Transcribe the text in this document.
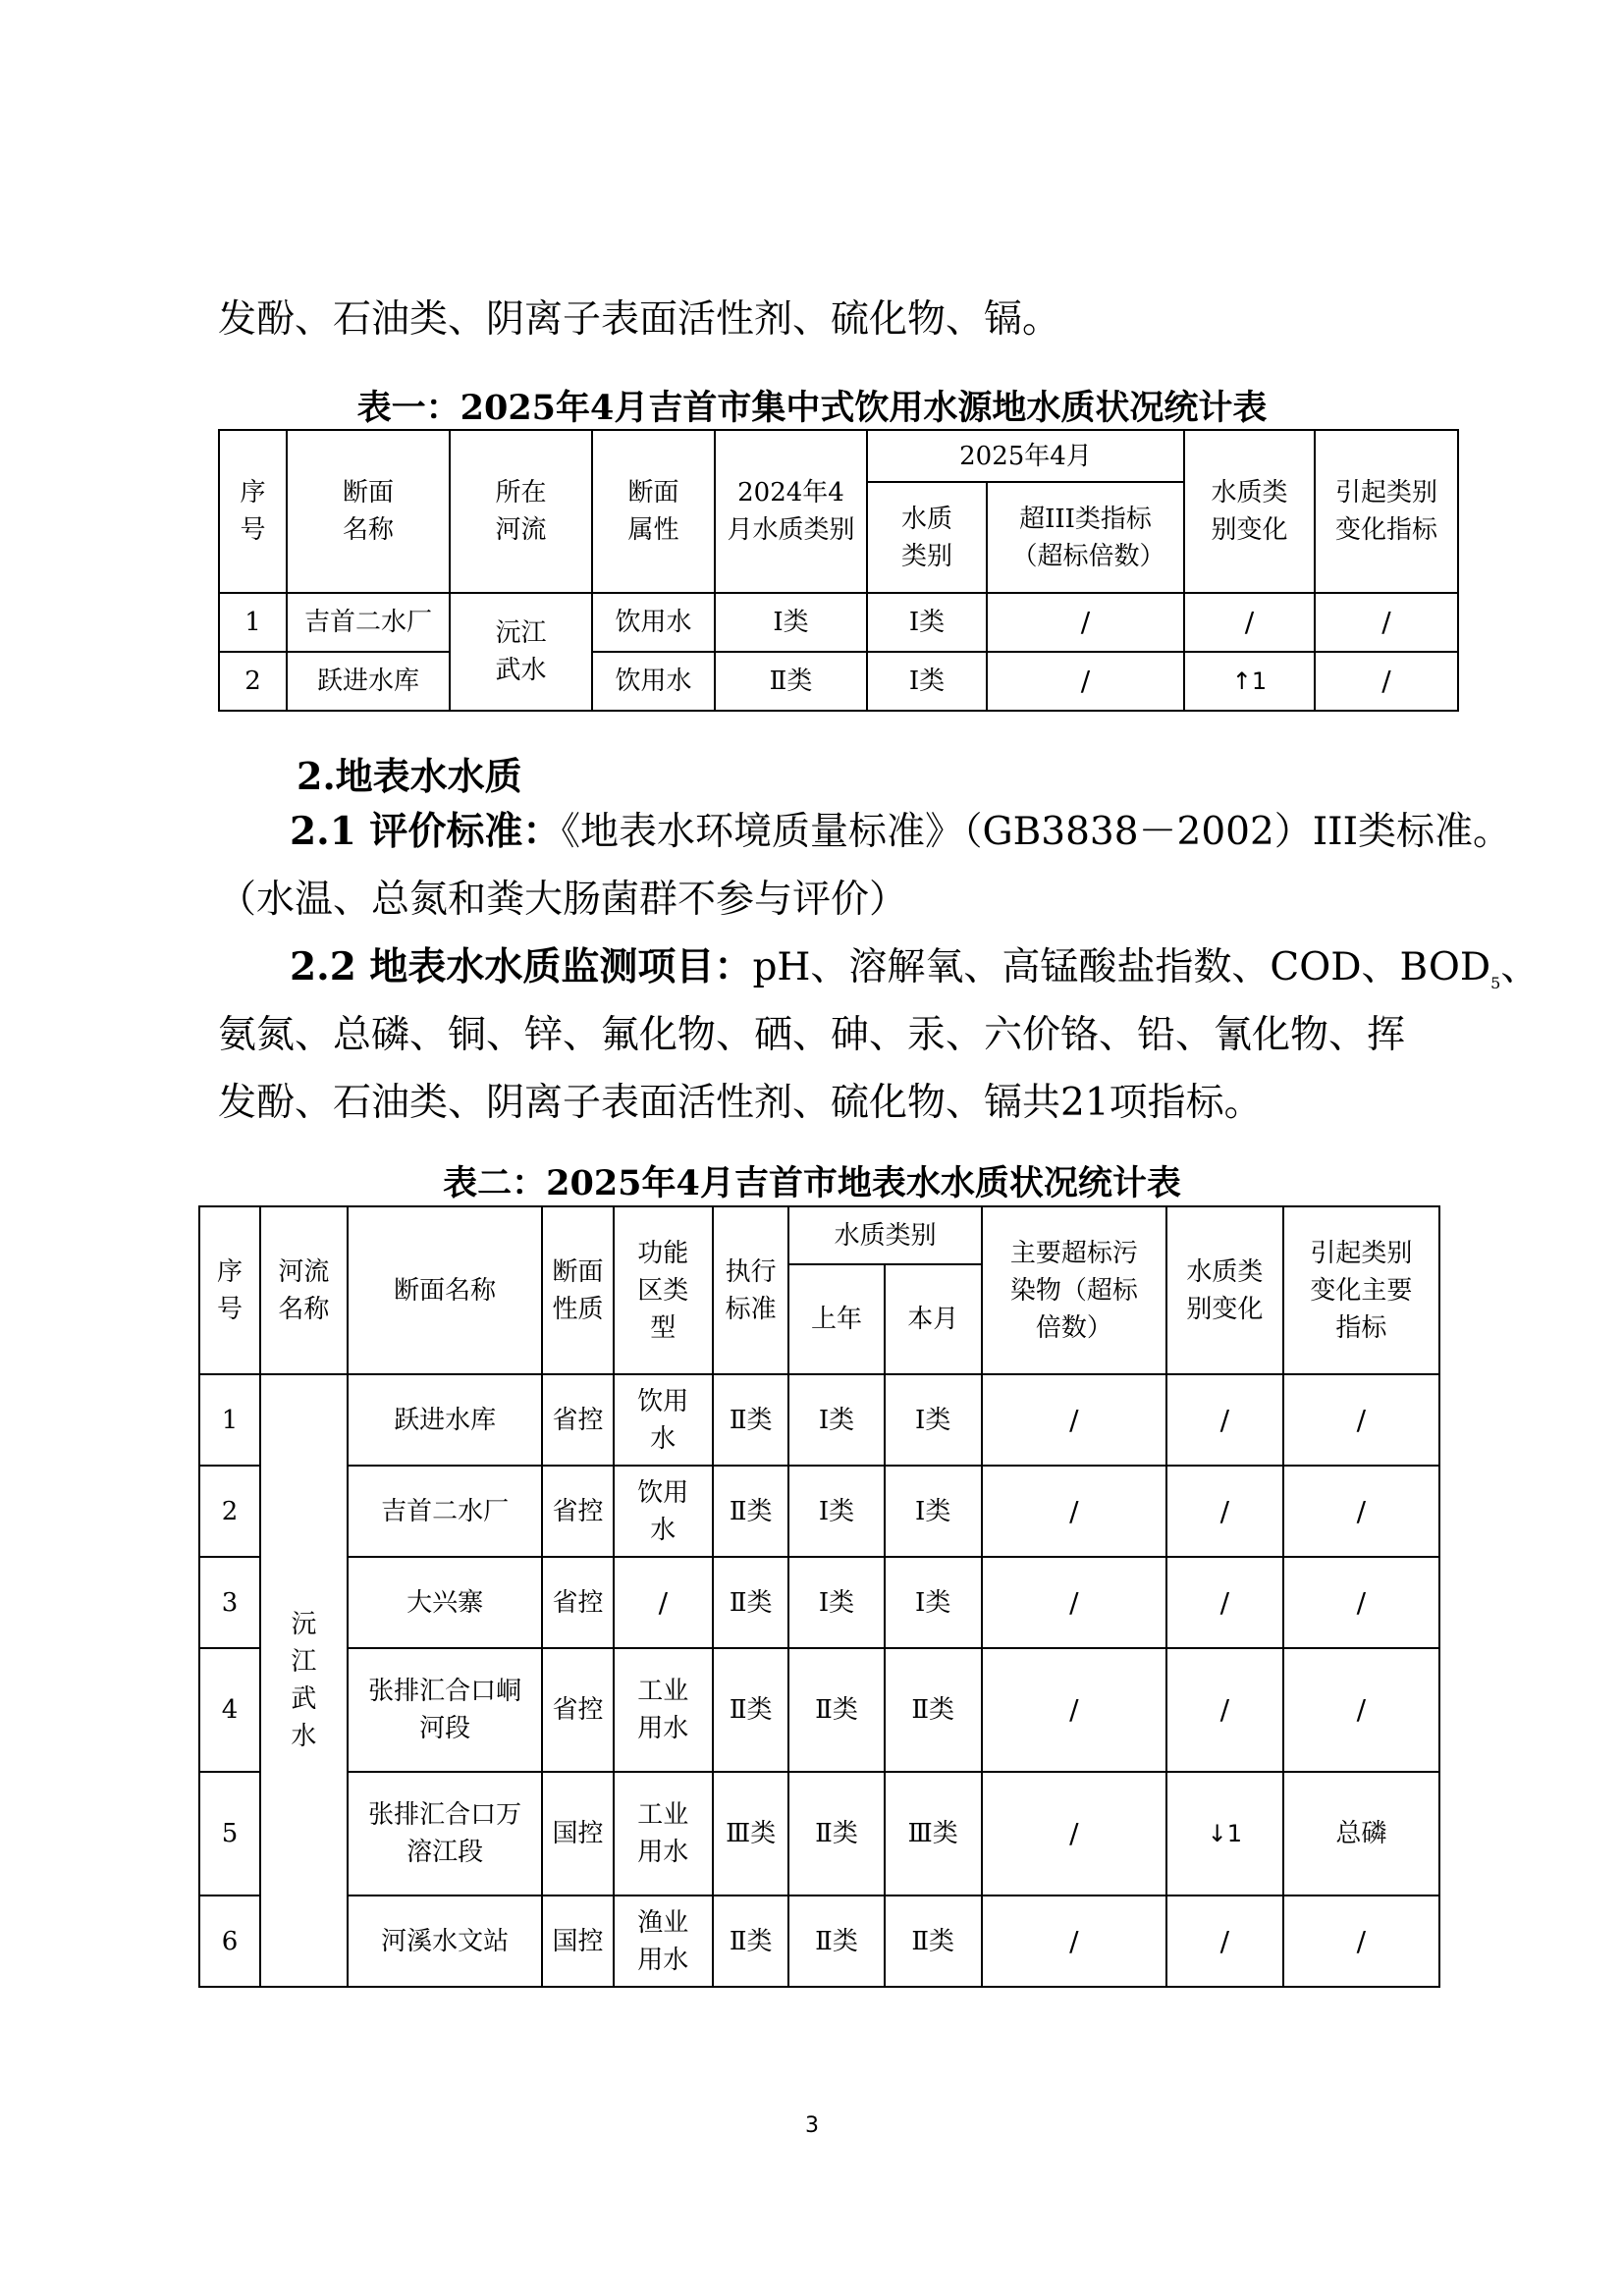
发酚、石油类、阴离子表面活性剂、硫化物、镉。
表一：2025年4月吉首市集中式饮用水源地水质状况统计表
序号	断面名称	所在河流	断面属性	2024年4月水质类别	2025年4月		水质类别变化	引起类别变化指标
					水质类别	超III类指标（超标倍数）		
1	吉首二水厂	沅江武水	饮用水	Ⅰ类	Ⅰ类	/	/	/
2	跃进水库		饮用水	Ⅱ类	Ⅰ类	/	↑1	/
2.地表水水质
2.1 评价标准：《地表水环境质量标准》（GB3838－2002）III类标准。
（水温、总氮和粪大肠菌群不参与评价）
2.2 地表水水质监测项目：pH、溶解氧、高锰酸盐指数、COD、$BOD_5$、
氨氮、总磷、铜、锌、氟化物、硒、砷、汞、六价铬、铅、氰化物、挥
发酚、石油类、阴离子表面活性剂、硫化物、镉共21项指标。
表二：2025年4月吉首市地表水水质状况统计表
序号	河流名称	断面名称	断面性质	功能区类型	执行标准	水质类别		主要超标污染物（超标倍数）	水质类别变化	引起类别变化主要指标
						上年	本月			
1	沅江武水	跃进水库	省控	饮用水	Ⅱ类	Ⅰ类	Ⅰ类	/	/	/
2		吉首二水厂	省控	饮用水	Ⅱ类	Ⅰ类	Ⅰ类	/	/	/
3		大兴寨	省控	/	Ⅱ类	Ⅰ类	Ⅰ类	/	/	/
4		张排汇合口峒河段	省控	工业用水	Ⅱ类	Ⅱ类	Ⅱ类	/	/	/
5		张排汇合口万溶江段	国控	工业用水	Ⅲ类	Ⅱ类	Ⅲ类	/	↓1	总磷
6		河溪水文站	国控	渔业用水	Ⅱ类	Ⅱ类	Ⅱ类	/	/	/
3
